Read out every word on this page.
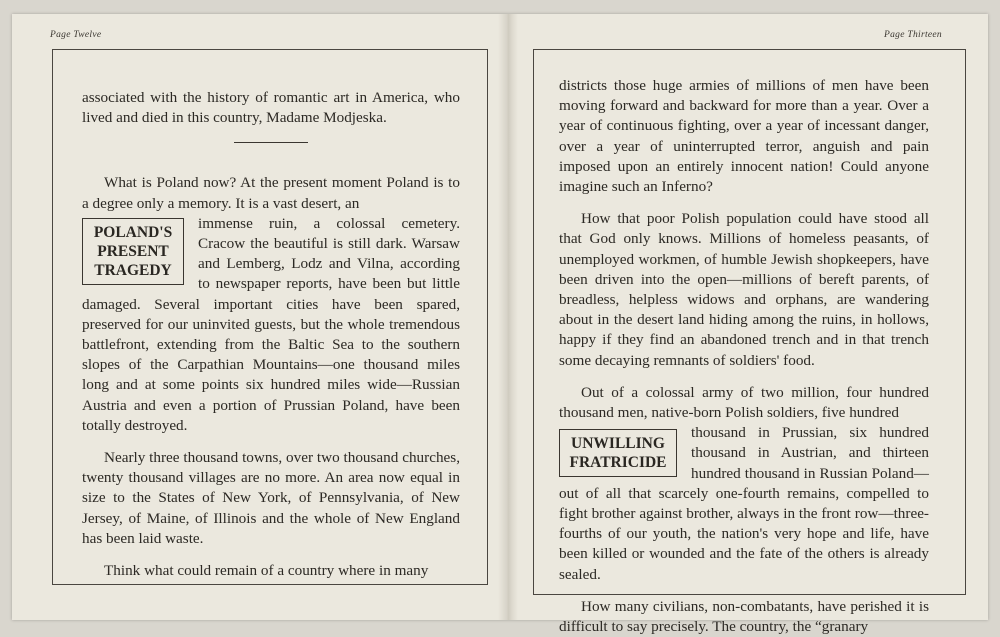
Page Twelve

associated with the history of romantic art in America, who lived and died in this country, Madame Modjeska.

What is Poland now? At the present moment Poland is to a degree only a memory. It is a vast desert, an

POLAND'S
PRESENT
TRAGEDY

immense ruin, a colossal cemetery. Cracow the beautiful is still dark. Warsaw and Lemberg, Lodz and Vilna, according to newspaper reports, have been but little damaged. Several important cities have been spared, preserved for our uninvited guests, but the whole tremendous battlefront, extending from the Baltic Sea to the southern slopes of the Carpathian Mountains—one thousand miles long and at some points six hundred miles wide—Russian Austria and even a portion of Prussian Poland, have been totally destroyed.

Nearly three thousand towns, over two thousand churches, twenty thousand villages are no more. An area now equal in size to the States of New York, of Pennsylvania, of New Jersey, of Maine, of Illinois and the whole of New England has been laid waste.

Think what could remain of a country where in many

Page Thirteen

districts those huge armies of millions of men have been moving forward and backward for more than a year. Over a year of continuous fighting, over a year of incessant danger, over a year of uninterrupted terror, anguish and pain imposed upon an entirely innocent nation! Could anyone imagine such an Inferno?

How that poor Polish population could have stood all that God only knows. Millions of homeless peasants, of unemployed workmen, of humble Jewish shopkeepers, have been driven into the open—millions of bereft parents, of breadless, helpless widows and orphans, are wandering about in the desert land hiding among the ruins, in hollows, happy if they find an abandoned trench and in that trench some decaying remnants of soldiers' food.

Out of a colossal army of two million, four hundred thousand men, native-born Polish soldiers, five hundred

UNWILLING
FRATRICIDE

thousand in Prussian, six hundred thousand in Austrian, and thirteen hundred thousand in Russian Poland—out of all that scarcely one-fourth remains, compelled to fight brother against brother, always in the front row—three-fourths of our youth, the nation's very hope and life, have been killed or wounded and the fate of the others is already sealed.

How many civilians, non-combatants, have perished it is difficult to say precisely. The country, the “granary
